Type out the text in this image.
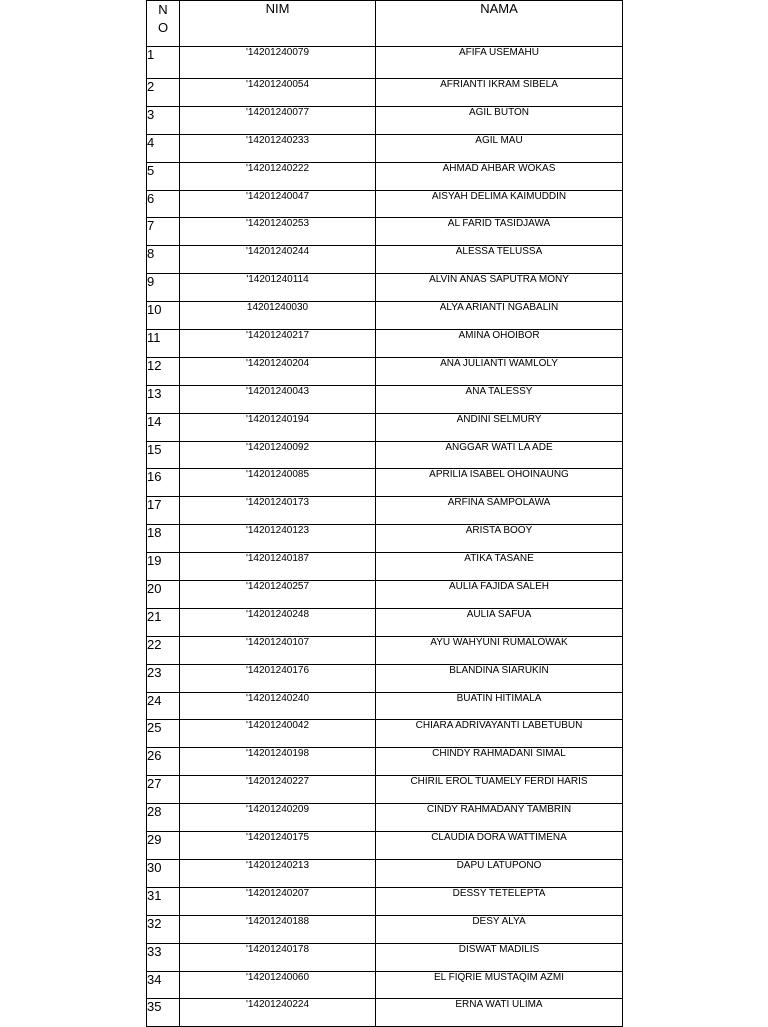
N
O	NIM	NAMA
1	'14201240079	AFIFA USEMAHU
2	'14201240054	AFRIANTI IKRAM SIBELA
3	'14201240077	AGIL BUTON
4	'14201240233	AGIL MAU
5	'14201240222	AHMAD AHBAR WOKAS
6	'14201240047	AISYAH DELIMA KAIMUDDIN
7	'14201240253	AL FARID TASIDJAWA
8	'14201240244	ALESSA TELUSSA
9	'14201240114	ALVIN ANAS SAPUTRA MONY
10	14201240030	ALYA ARIANTI NGABALIN
11	'14201240217	AMINA OHOIBOR
12	'14201240204	ANA JULIANTI WAMLOLY
13	'14201240043	ANA TALESSY
14	'14201240194	ANDINI SELMURY
15	'14201240092	ANGGAR WATI LA ADE
16	'14201240085	APRILIA ISABEL OHOINAUNG
17	'14201240173	ARFINA SAMPOLAWA
18	'14201240123	ARISTA BOOY
19	'14201240187	ATIKA TASANE
20	'14201240257	AULIA FAJIDA SALEH
21	'14201240248	AULIA SAFUA
22	'14201240107	AYU WAHYUNI RUMALOWAK
23	'14201240176	BLANDINA SIARUKIN
24	'14201240240	BUATIN HITIMALA
25	'14201240042	CHIARA ADRIVAYANTI LABETUBUN
26	'14201240198	CHINDY RAHMADANI SIMAL
27	'14201240227	CHIRIL EROL TUAMELY FERDI HARIS
28	'14201240209	CINDY RAHMADANY TAMBRIN
29	'14201240175	CLAUDIA DORA WATTIMENA
30	'14201240213	DAPU LATUPONO
31	'14201240207	DESSY TETELEPTA
32	'14201240188	DESY ALYA
33	'14201240178	DISWAT MADILIS
34	'14201240060	EL FIQRIE MUSTAQIM AZMI
35	'14201240224	ERNA WATI ULIMA
